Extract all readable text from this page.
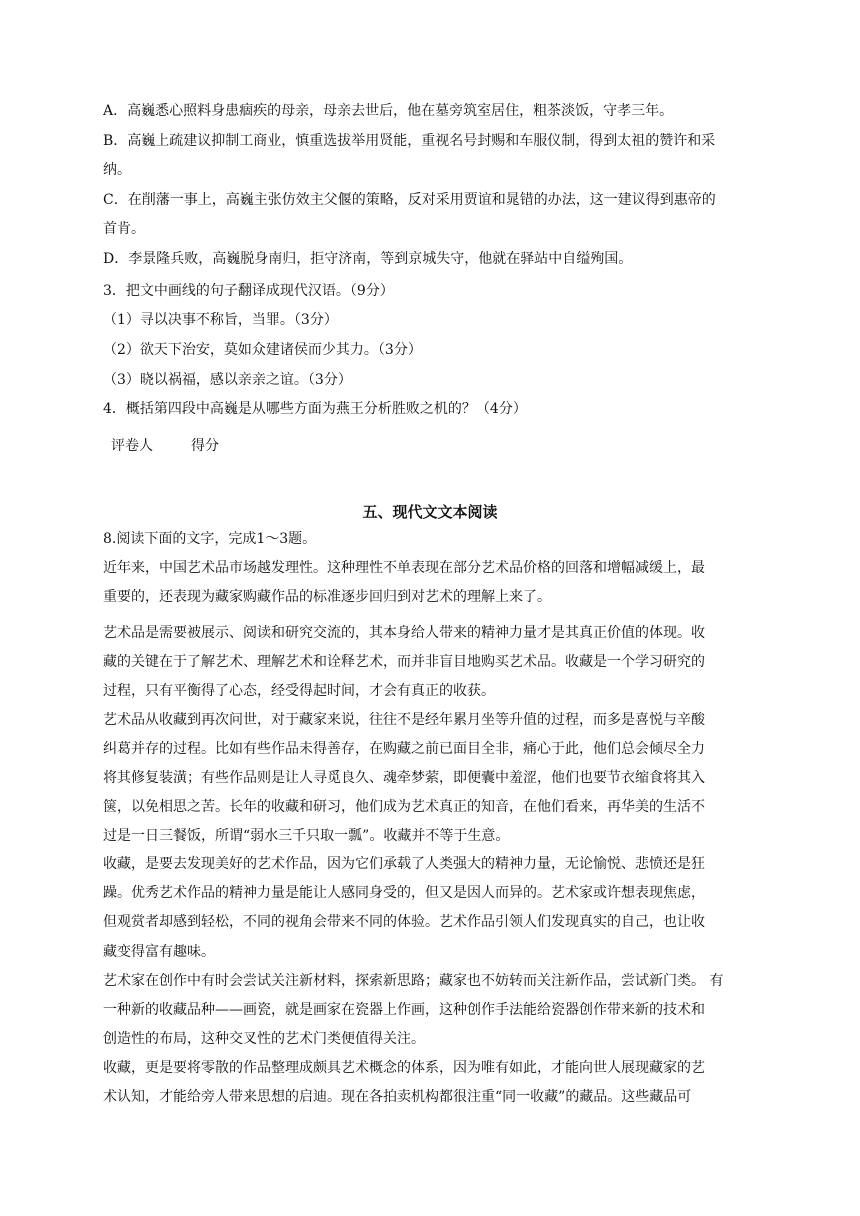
A．高巍悉心照料身患痼疾的母亲，母亲去世后，他在墓旁筑室居住，粗茶淡饭，守孝三年。
B．高巍上疏建议抑制工商业，慎重选拔举用贤能，重视名号封赐和车服仪制，得到太祖的赞许和采
纳。
C．在削藩一事上，高巍主张仿效主父偃的策略，反对采用贾谊和晁错的办法，这一建议得到惠帝的
首肯。
D．李景隆兵败，高巍脱身南归，拒守济南，等到京城失守，他就在驿站中自缢殉国。
3．把文中画线的句子翻译成现代汉语。（9分）
（1）寻以决事不称旨，当罪。（3分）
（2）欲天下治安，莫如众建诸侯而少其力。（3分）
（3）晓以祸福，感以亲亲之谊。（3分）
4．概括第四段中高巍是从哪些方面为燕王分析胜败之机的？（4分）
评卷人	得分
五、现代文文本阅读
8.阅读下面的文字，完成1～3题。
近年来，中国艺术品市场越发理性。这种理性不单表现在部分艺术品价格的回落和增幅减缓上，最
重要的，还表现为藏家购藏作品的标准逐步回归到对艺术的理解上来了。
艺术品是需要被展示、阅读和研究交流的，其本身给人带来的精神力量才是其真正价值的体现。收
藏的关键在于了解艺术、理解艺术和诠释艺术，而并非盲目地购买艺术品。收藏是一个学习研究的
过程，只有平衡得了心态，经受得起时间，才会有真正的收获。
艺术品从收藏到再次问世，对于藏家来说，往往不是经年累月坐等升值的过程，而多是喜悦与辛酸
纠葛并存的过程。比如有些作品未得善存，在购藏之前已面目全非，痛心于此，他们总会倾尽全力
将其修复装潢；有些作品则是让人寻觅良久、魂牵梦萦，即便囊中羞涩，他们也要节衣缩食将其入
箧，以免相思之苦。长年的收藏和研习，他们成为艺术真正的知音，在他们看来，再华美的生活不
过是一日三餐饭，所谓“弱水三千只取一瓢”。收藏并不等于生意。
收藏，是要去发现美好的艺术作品，因为它们承载了人类强大的精神力量，无论愉悦、悲愤还是狂
躁。优秀艺术作品的精神力量是能让人感同身受的，但又是因人而异的。艺术家或许想表现焦虑，
但观赏者却感到轻松，不同的视角会带来不同的体验。艺术作品引领人们发现真实的自己，也让收
藏变得富有趣味。
艺术家在创作中有时会尝试关注新材料，探索新思路；藏家也不妨转而关注新作品，尝试新门类。 有
一种新的收藏品种——画瓷，就是画家在瓷器上作画，这种创作手法能给瓷器创作带来新的技术和
创造性的布局，这种交叉性的艺术门类便值得关注。
收藏，更是要将零散的作品整理成颇具艺术概念的体系，因为唯有如此，才能向世人展现藏家的艺
术认知，才能给旁人带来思想的启迪。现在各拍卖机构都很注重“同一收藏”的藏品。这些藏品可
